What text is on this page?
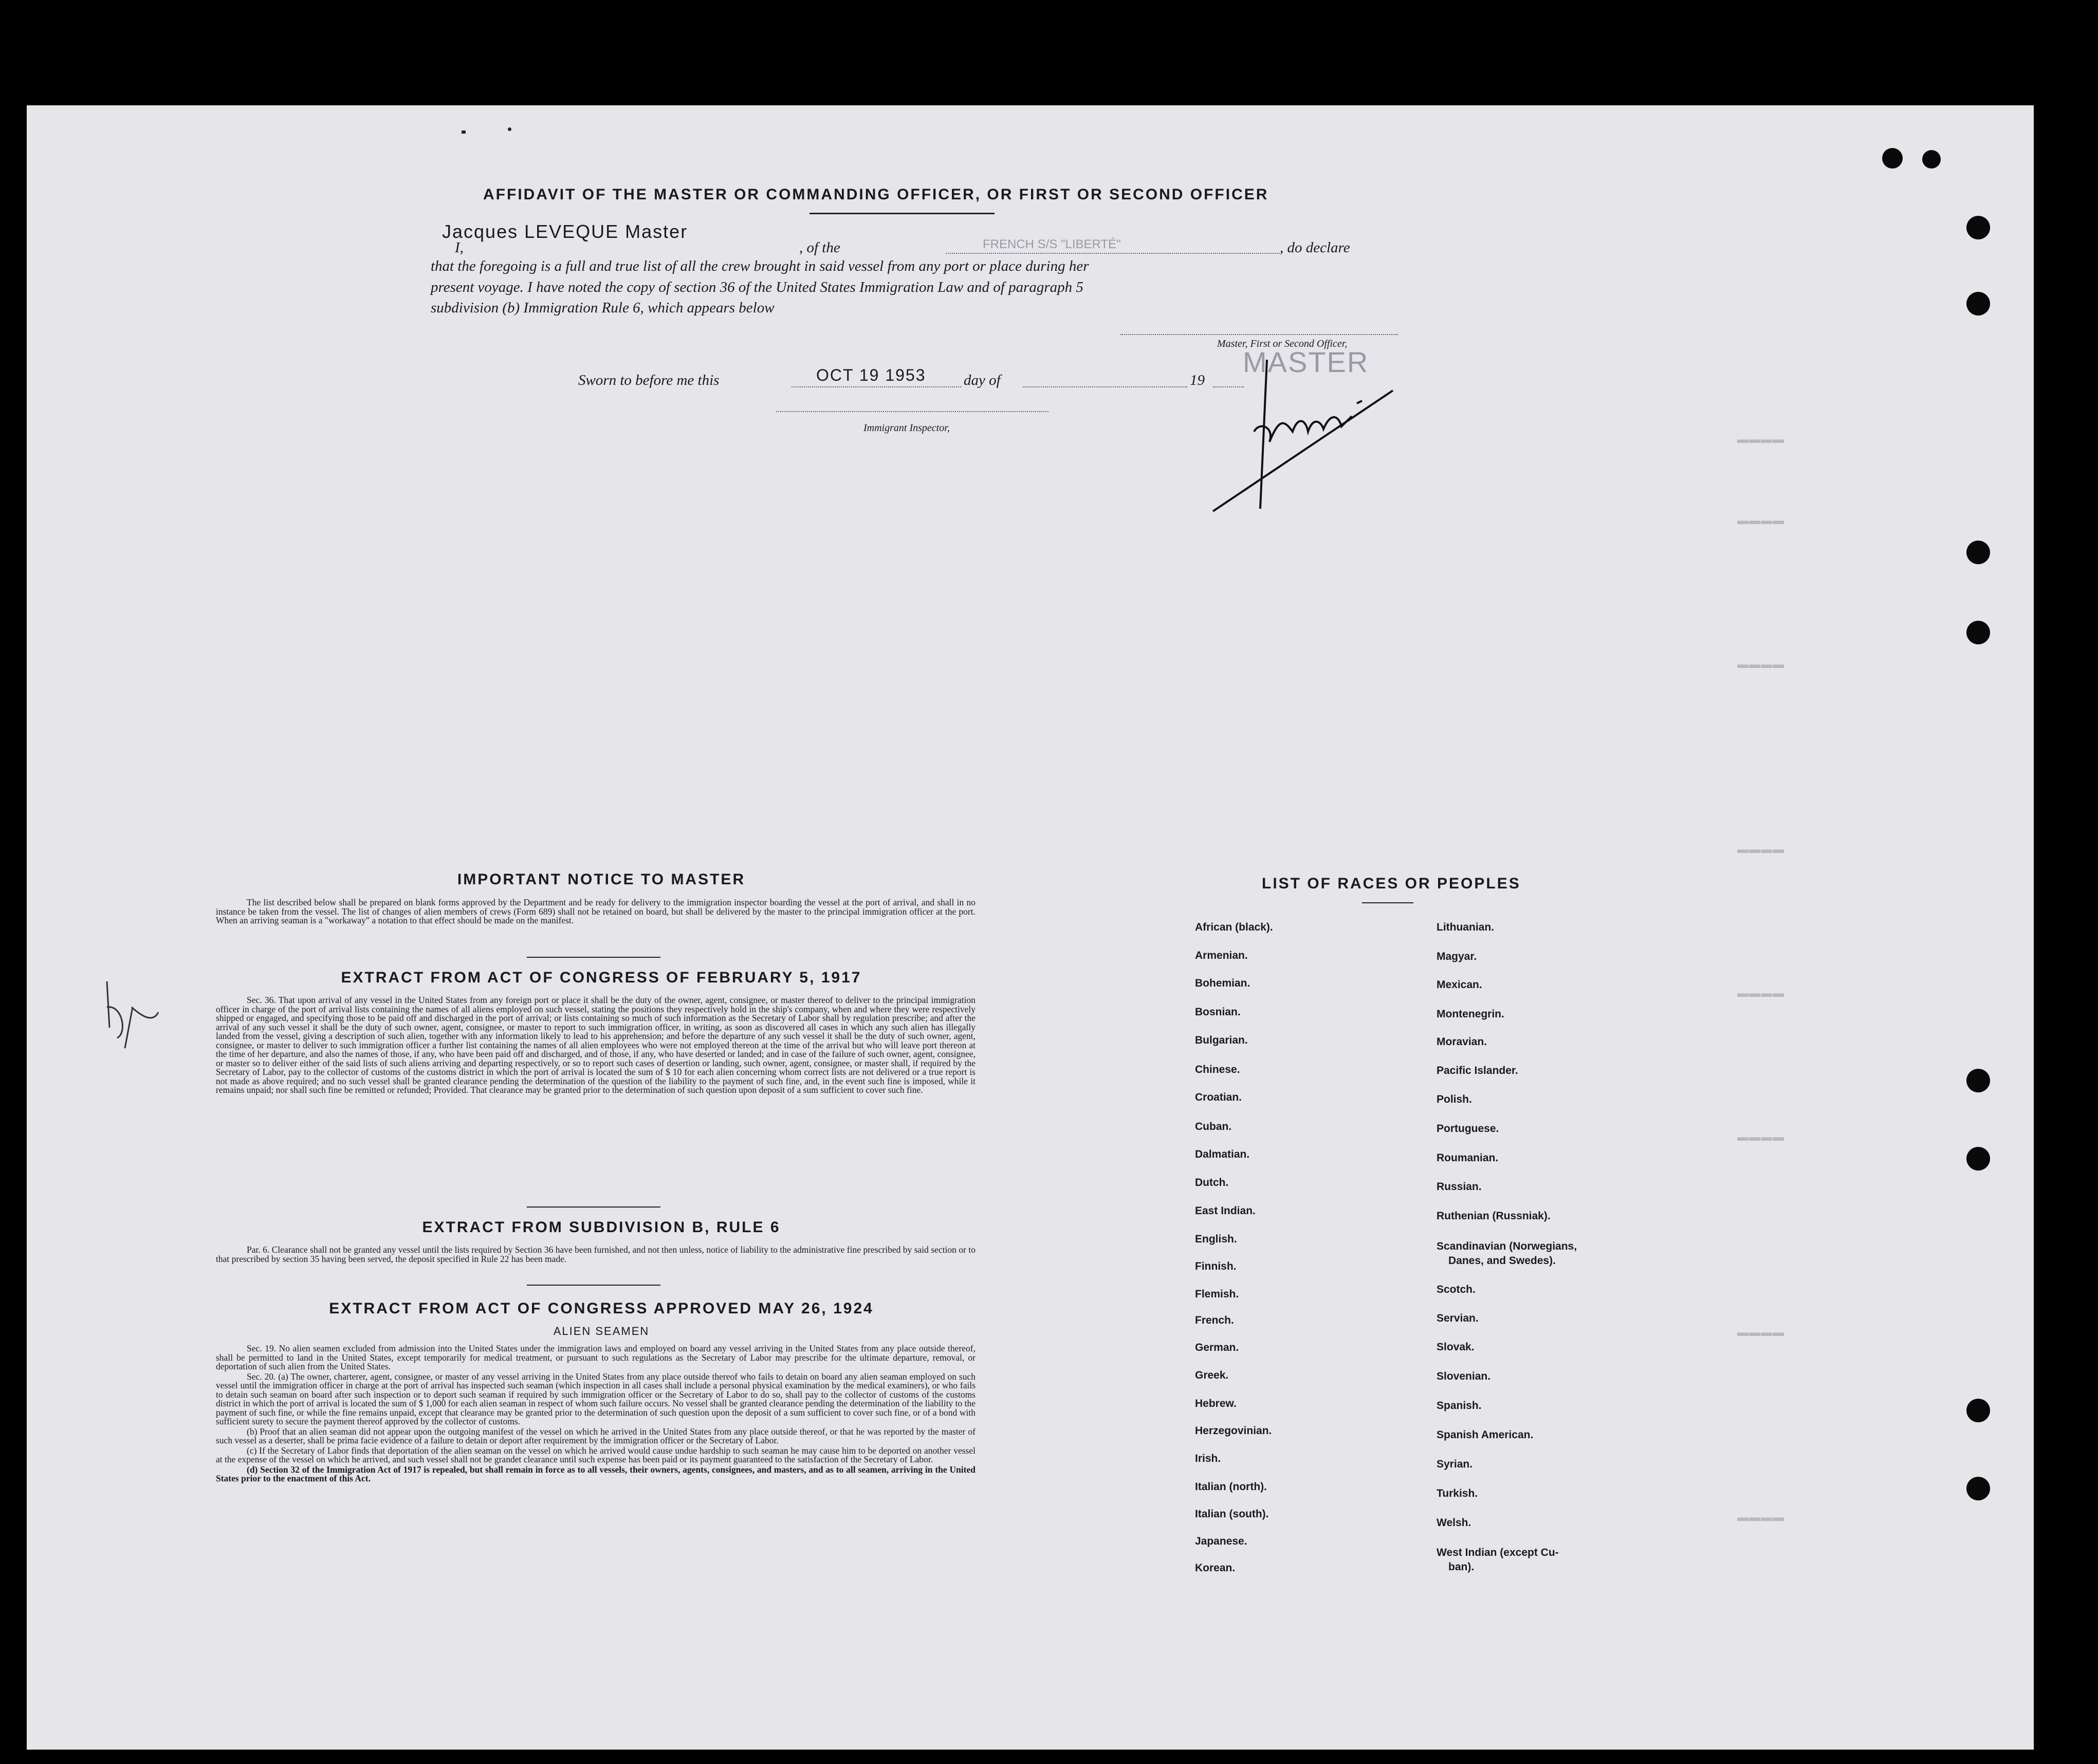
▬▬▬▬
▬▬▬▬
▬▬▬▬
▬▬▬▬
▬▬▬▬
▬▬▬▬
▬▬▬▬
▬▬▬▬
AFFIDAVIT OF THE MASTER OR COMMANDING OFFICER, OR FIRST OR SECOND OFFICER
Jacques LEVEQUE Master
I,	, of the	FRENCH S/S "LIBERTÉ"	, do declare
that the foregoing is a full and true list of all the crew brought in said vessel from any port or place during her
present voyage. I have noted the copy of section 36 of the United States Immigration Law and of paragraph 5
subdivision (b) Immigration Rule 6, which appears below
Master, First or Second Officer,
MASTER
Sworn to before me this	OCT 19 1953	day of	19
Immigrant Inspector,
IMPORTANT NOTICE TO MASTER
The list described below shall be prepared on blank forms approved by the Department and be ready for delivery to the immigration inspector boarding the vessel at the port of arrival, and shall in no instance be taken from the vessel. The list of changes of alien members of crews (Form 689) shall not be retained on board, but shall be delivered by the master to the principal immigration officer at the port. When an arriving seaman is a "workaway" a notation to that effect should be made on the manifest.
EXTRACT FROM ACT OF CONGRESS OF FEBRUARY 5, 1917
Sec. 36. That upon arrival of any vessel in the United States from any foreign port or place it shall be the duty of the owner, agent, consignee, or master thereof to deliver to the principal immigration officer in charge of the port of arrival lists containing the names of all aliens employed on such vessel, stating the positions they respectively hold in the ship's company, when and where they were respectively shipped or engaged, and specifying those to be paid off and discharged in the port of arrival; or lists containing so much of such information as the Secretary of Labor shall by regulation prescribe; and after the arrival of any such vessel it shall be the duty of such owner, agent, consignee, or master to report to such immigration officer, in writing, as soon as discovered all cases in which any such alien has illegally landed from the vessel, giving a description of such alien, together with any information likely to lead to his apprehension; and before the departure of any such vessel it shall be the duty of such owner, agent, consignee, or master to deliver to such immigration officer a further list containing the names of all alien employees who were not employed thereon at the time of the arrival but who will leave port thereon at the time of her departure, and also the names of those, if any, who have been paid off and discharged, and of those, if any, who have deserted or landed; and in case of the failure of such owner, agent, consignee, or master so to deliver either of the said lists of such aliens arriving and departing respectively, or so to report such cases of desertion or landing, such owner, agent, consignee, or master shall, if required by the Secretary of Labor, pay to the collector of customs of the customs district in which the port of arrival is located the sum of $ 10 for each alien concerning whom correct lists are not delivered or a true report is not made as above required; and no such vessel shall be granted clearance pending the determination of the question of the liability to the payment of such fine, and, in the event such fine is imposed, while it remains unpaid; nor shall such fine be remitted or refunded; Provided. That clearance may be granted prior to the determination of such question upon deposit of a sum sufficient to cover such fine.
EXTRACT FROM SUBDIVISION B, RULE 6
Par. 6. Clearance shall not be granted any vessel until the lists required by Section 36 have been furnished, and not then unless, notice of liability to the administrative fine prescribed by said section or to that prescribed by section 35 having been served, the deposit specified in Rule 22 has been made.
EXTRACT FROM ACT OF CONGRESS APPROVED MAY 26, 1924
ALIEN SEAMEN

Sec. 19. No alien seamen excluded from admission into the United States under the immigration laws and employed on board any vessel arriving in the United States from any place outside thereof, shall be permitted to land in the United States, except temporarily for medical treatment, or pursuant to such regulations as the Secretary of Labor may prescribe for the ultimate departure, removal, or deportation of such alien from the United States.

Sec. 20. (a) The owner, charterer, agent, consignee, or master of any vessel arriving in the United States from any place outside thereof who fails to detain on board any alien seaman employed on such vessel until the immigration officer in charge at the port of arrival has inspected such seaman (which inspection in all cases shall include a personal physical examination by the medical examiners), or who fails to detain such seaman on board after such inspection or to deport such seaman if required by such immigration officer or the Secretary of Labor to do so, shall pay to the collector of customs of the customs district in which the port of arrival is located the sum of $ 1,000 for each alien seaman in respect of whom such failure occurs. No vessel shall be granted clearance pending the determination of the liability to the payment of such fine, or while the fine remains unpaid, except that clearance may be granted prior to the determination of such question upon the deposit of a sum sufficient to cover such fine, or of a bond with sufficient surety to secure the payment thereof approved by the collector of customs.

(b) Proof that an alien seaman did not appear upon the outgoing manifest of the vessel on which he arrived in the United States from any place outside thereof, or that he was reported by the master of such vessel as a deserter, shall be prima facie evidence of a failure to detain or deport after requirement by the immigration officer or the Secretary of Labor.

(c) If the Secretary of Labor finds that deportation of the alien seaman on the vessel on which he arrived would cause undue hardship to such seaman he may cause him to be deported on another vessel at the expense of the vessel on which he arrived, and such vessel shall not be grandet clearance until such expense has been paid or its payment guaranteed to the satisfaction of the Secretary of Labor.

(d) Section 32 of the Immigration Act of 1917 is repealed, but shall remain in force as to all vessels, their owners, agents, consignees, and masters, and as to all seamen, arriving in the United States prior to the enactment of this Act.

LIST OF RACES OR PEOPLES
African (black).
Armenian.
Bohemian.
Bosnian.
Bulgarian.
Chinese.
Croatian.
Cuban.
Dalmatian.
Dutch.
East Indian.
English.
Finnish.
Flemish.
French.
German.
Greek.
Hebrew.
Herzegovinian.
Irish.
Italian (north).
Italian (south).
Japanese.
Korean.
Lithuanian.
Magyar.
Mexican.
Montenegrin.
Moravian.
Pacific Islander.
Polish.
Portuguese.
Roumanian.
Russian.
Ruthenian (Russniak).
Scandinavian (Norwegians,
Danes, and Swedes).
Scotch.
Servian.
Slovak.
Slovenian.
Spanish.
Spanish American.
Syrian.
Turkish.
Welsh.
West Indian (except Cu-
ban).
